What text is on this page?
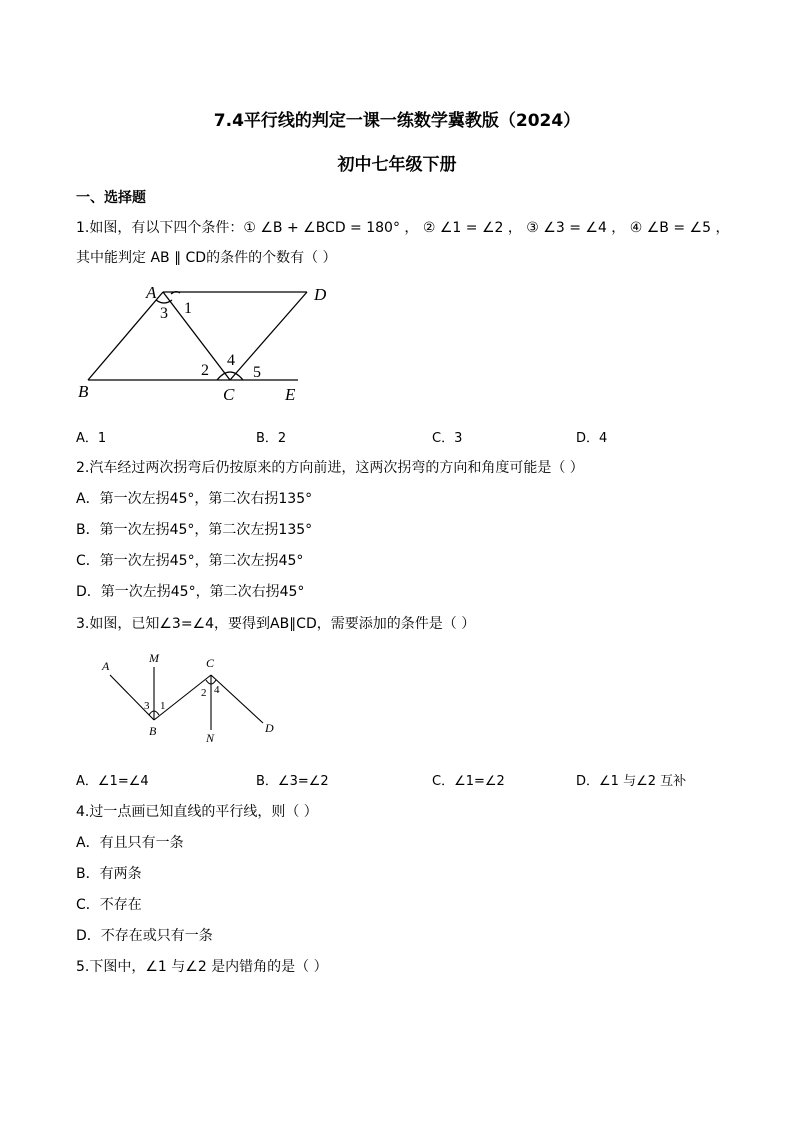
7.4平行线的判定一课一练数学冀教版（2024）
初中七年级下册
一、选择题
1.如图，有以下四个条件：① ∠B + ∠BCD = 180° ， ② ∠1 = ∠2 ， ③ ∠3 = ∠4 ， ④ ∠B = ∠5 ，
其中能判定 AB ∥ CD的条件的个数有（ ）
A	D
1
3
4
2	5
B	C	E
A．1	B．2	C．3	D．4
2.汽车经过两次拐弯后仍按原来的方向前进，这两次拐弯的方向和角度可能是（ ）
A．第一次左拐45°，第二次右拐135°
B．第一次左拐45°，第二次左拐135°
C．第一次左拐45°，第二次左拐45°
D．第一次左拐45°，第二次右拐45°
3.如图，已知∠3=∠4，要得到AB∥CD，需要添加的条件是（ ）
A
M	C
3 1
2 4
B	N
D
A．∠1=∠4	B．∠3=∠2	C．∠1=∠2	D．∠1 与∠2 互补
4.过一点画已知直线的平行线，则（ ）
A．有且只有一条
B．有两条
C．不存在
D．不存在或只有一条
5.下图中，∠1 与∠2 是内错角的是（ ）
